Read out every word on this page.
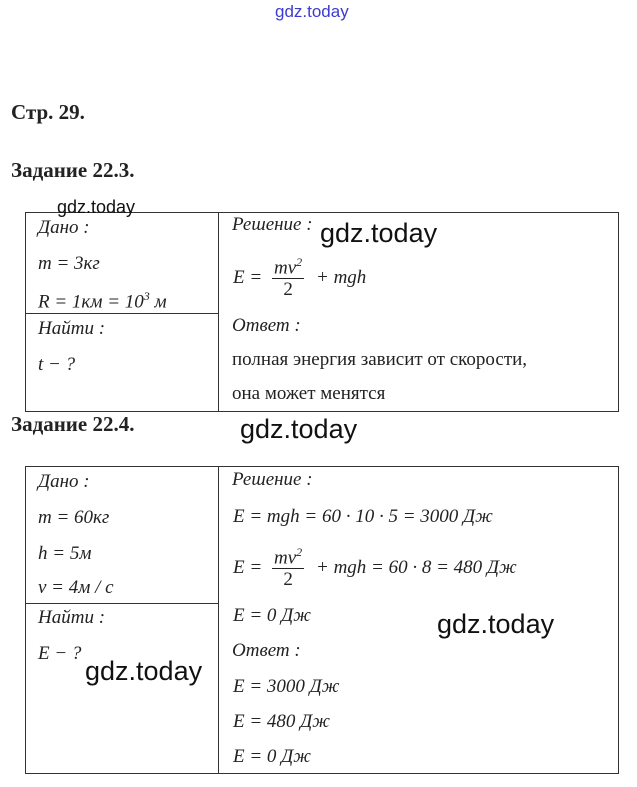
gdz.today
Стр. 29.
Задание 22.3.
gdz.today
Дано :
m = 3кг
$R = 1км = 10^3$ м
Найти :
t − ?
Решение : gdz.today
$E = \frac{mv^2}{2}$ + mgh
Ответ :
полная энергия зависит от скорости,
она может менятся
Задание 22.4.	gdz.today
Дано :
m = 60кг
h = 5м
v = 4м / с
Найти :
E − ?
gdz.today
Решение :
E = mgh = 60 · 10 · 5 = 3000 Дж
$E = \frac{mv^2}{2}$ + mgh = 60 · 8 = 480 Дж
E = 0 Дж	gdz.today
Ответ :
E = 3000 Дж
E = 480 Дж
E = 0 Дж
